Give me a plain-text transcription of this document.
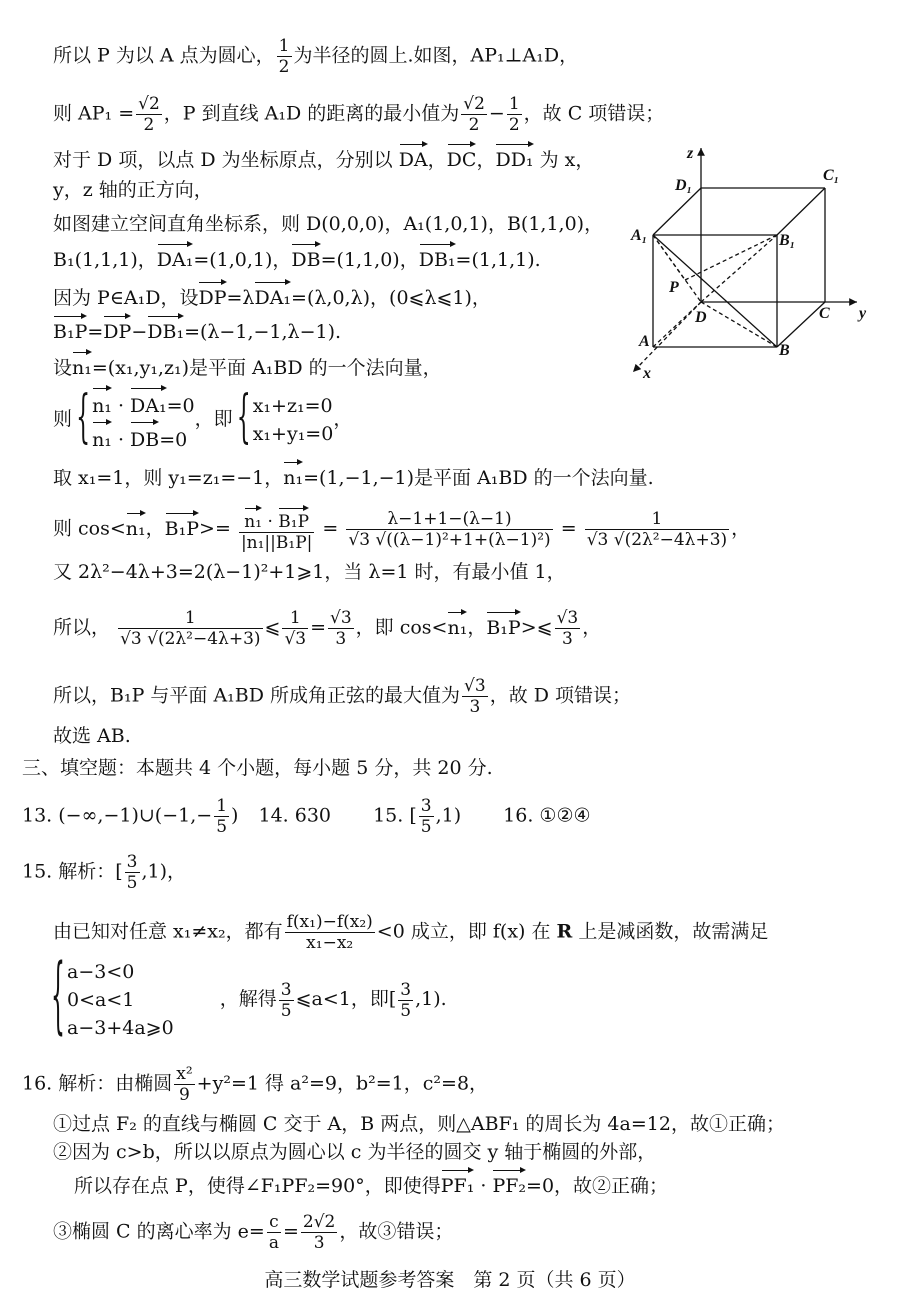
所以 P 为以 A 点为圆心， $\frac{1}{2}$ 为半径的圆上.如图，AP₁⊥A₁D，
则 $AP_1 = \frac{√2}{2}$ ，P 到直线 A₁D 的距离的最小值为 $\frac{√2}{2} - \frac{1}{2}$ ，故 C 项错误；
对于 D 项，以点 D 为坐标原点，分别以 DA，DC，DD₁ 为 x，
y，z 轴的正方向，
如图建立空间直角坐标系，则 D(0,0,0)，A₁(1,0,1)，B(1,1,0)，
B₁(1,1,1)，DA₁=(1,0,1)，DB=(1,1,0)，DB₁=(1,1,1).
因为 P∈A₁D，设DP=λDA₁=(λ,0,λ)，(0⩽λ⩽1)，
B₁P=DP−DB₁=(λ−1,−1,λ−1).
设n₁=(x₁,y₁,z₁)是平面 A₁BD 的一个法向量，
则
{ n₁ · DA₁=0
n₁ · DB=0
，即
{ x₁+z₁=0
x₁+y₁=0
，
取 x₁=1，则 y₁=z₁=−1，n₁=(1,−1,−1)是平面 A₁BD 的一个法向量.
则 cos<n₁，$B_1P>= \frac{\text{n₁ · B₁P}}{\text{|n₁||B₁P|}} = \frac{\lambda-1+1-(\lambda-1)}{\text{√3 √((λ−1)²+1+(λ−1)²)}} = \frac{1}{\text{√3 √(2λ²−4λ+3)}}$ ，
又 2λ²−4λ+3=2(λ−1)²+1⩾1，当 λ=1 时，有最小值 1，
所以， $\frac{1}{\text{√3 √(2λ²−4λ+3)}}$ ⩽ $\frac{1}{√3} = \frac{√3}{3}$ ，即 cos<n₁，B₁P>⩽ $\frac{√3}{3}$ ，
所以，B₁P 与平面 A₁BD 所成角正弦的最大值为 $\frac{√3}{3}$ ，故 D 项错误；
故选 AB.
三、填空题：本题共 4 个小题，每小题 5 分，共 20 分.
13. (−∞,−1)∪(−1,− $\frac{1}{5}$ ) 14. 630 15. [ $\frac{3}{5} ,1$) 16. ①②④
15. 解析：[ $\frac{3}{5} ,1$)，
由已知对任意 x₁≠x₂，都有 $\frac{\text{f(x₁)−f(x₂)}}{\text{x₁−x₂}} <0$ 成立，即 f(x) 在 R 上是减函数，故需满足
{ a−3<0
0<a<1
a−3+4a⩾0
，解得 $\frac{3}{5}$ ⩽a<1，即[ $\frac{3}{5} ,1$).
16. 解析：由椭圆 $\frac{\text{x²}}{9} +y^2=1$ 得 a²=9，b²=1，c²=8，
①过点 F₂ 的直线与椭圆 C 交于 A，B 两点，则△ABF₁ 的周长为 4a=12，故①正确；
②因为 c>b，所以以原点为圆心以 c 为半径的圆交 y 轴于椭圆的外部，
所以存在点 P，使得∠F₁PF₂=90°，即使得PF₁ · PF₂=0，故②正确；
③椭圆 C 的离心率为 $e= \frac{c}{a} = \frac{2√2}{3}$ ，故③错误；
z
y
x
D₁
C₁
A₁	B₁
P
D	C
A
B
高三数学试题参考答案　第 2 页（共 6 页）
